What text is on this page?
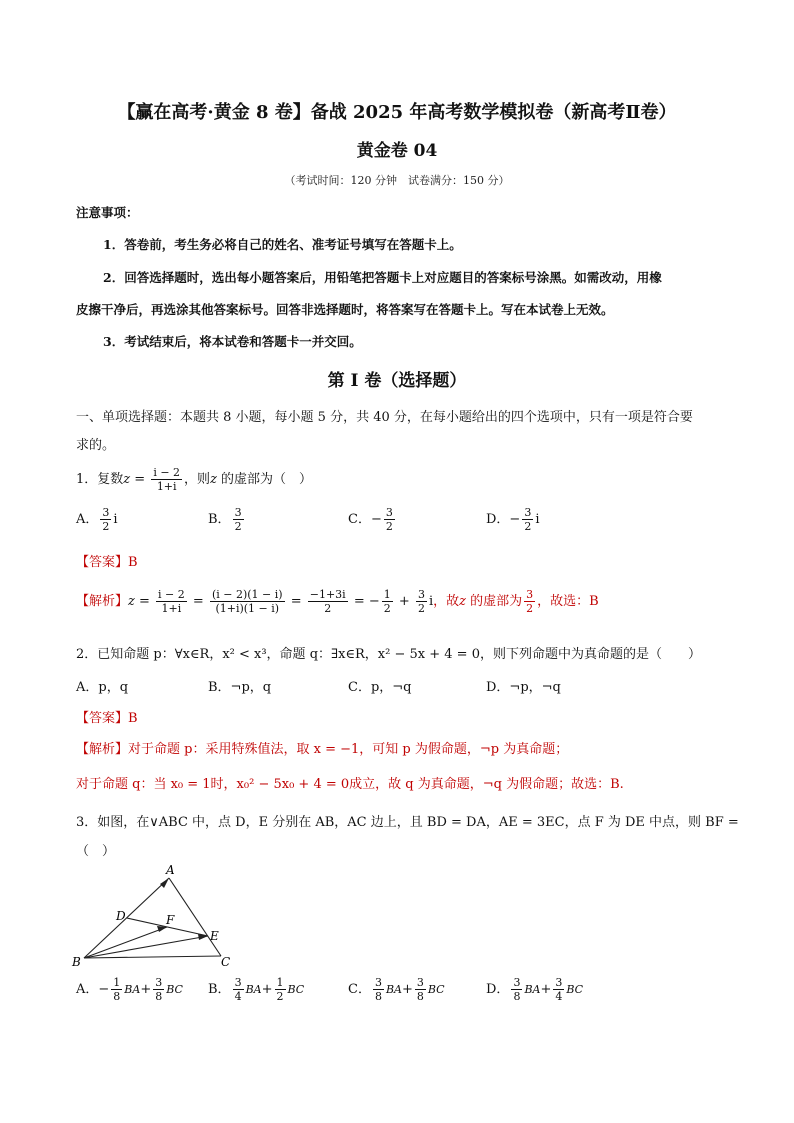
【赢在高考·黄金 8 卷】备战 2025 年高考数学模拟卷（新高考Ⅱ卷）
黄金卷 04
（考试时间：120 分钟　试卷满分：150 分）
注意事项：
1．答卷前，考生务必将自己的姓名、准考证号填写在答题卡上。
2．回答选择题时，选出每小题答案后，用铅笔把答题卡上对应题目的答案标号涂黑。如需改动，用橡
皮擦干净后，再选涂其他答案标号。回答非选择题时，将答案写在答题卡上。写在本试卷上无效。
3．考试结束后，将本试卷和答题卡一并交回。
第 I 卷（选择题）
一、单项选择题：本题共 8 小题，每小题 5 分，共 40 分，在每小题给出的四个选项中，只有一项是符合要
求的。
1．复数$z = \frac{i - 2}{1+i}$ ，则z 的虚部为（　）
A． $\frac{3}{2}$ i	B． $\frac{3}{2}$	C．− $\frac{3}{2}$	D．− $\frac{3}{2}$ i
【答案】B
【解析】$z = \frac{i - 2}{1+i} = \frac{(i - 2)(1 - i)}{(1+i)(1 - i)} = \frac{-1+3i}{2}$ = − $\frac{1}{2} + \frac{3}{2}$ i，故z 的虚部为 $\frac{3}{2}$ ，故选：B
2．已知命题 p：∀x∈R，x² < x³，命题 q：∃x∈R，x² − 5x + 4 = 0，则下列命题中为真命题的是（　　）
A．p，q	B．¬p，q	C．p，¬q	D．¬p，¬q
【答案】B
【解析】对于命题 p：采用特殊值法，取 x = −1，可知 p 为假命题，¬p 为真命题；
对于命题 q：当 x₀ = 1时，x₀² − 5x₀ + 4 = 0成立，故 q 为真命题，¬q 为假命题；故选：B.
3．如图，在∨ABC 中，点 D，E 分别在 AB，AC 边上，且 BD = DA，AE = 3EC，点 F 为 DE 中点，则 BF =
（　）
A
B	C
D
E
F
A．− $\frac{1}{8} BA+ \frac{3}{8}$ BC B． $\frac{3}{4} BA+ \frac{1}{2}$ BC	C． $\frac{3}{8} BA+ \frac{3}{8}$ BC	D． $\frac{3}{8} BA+ \frac{3}{4}$ BC
